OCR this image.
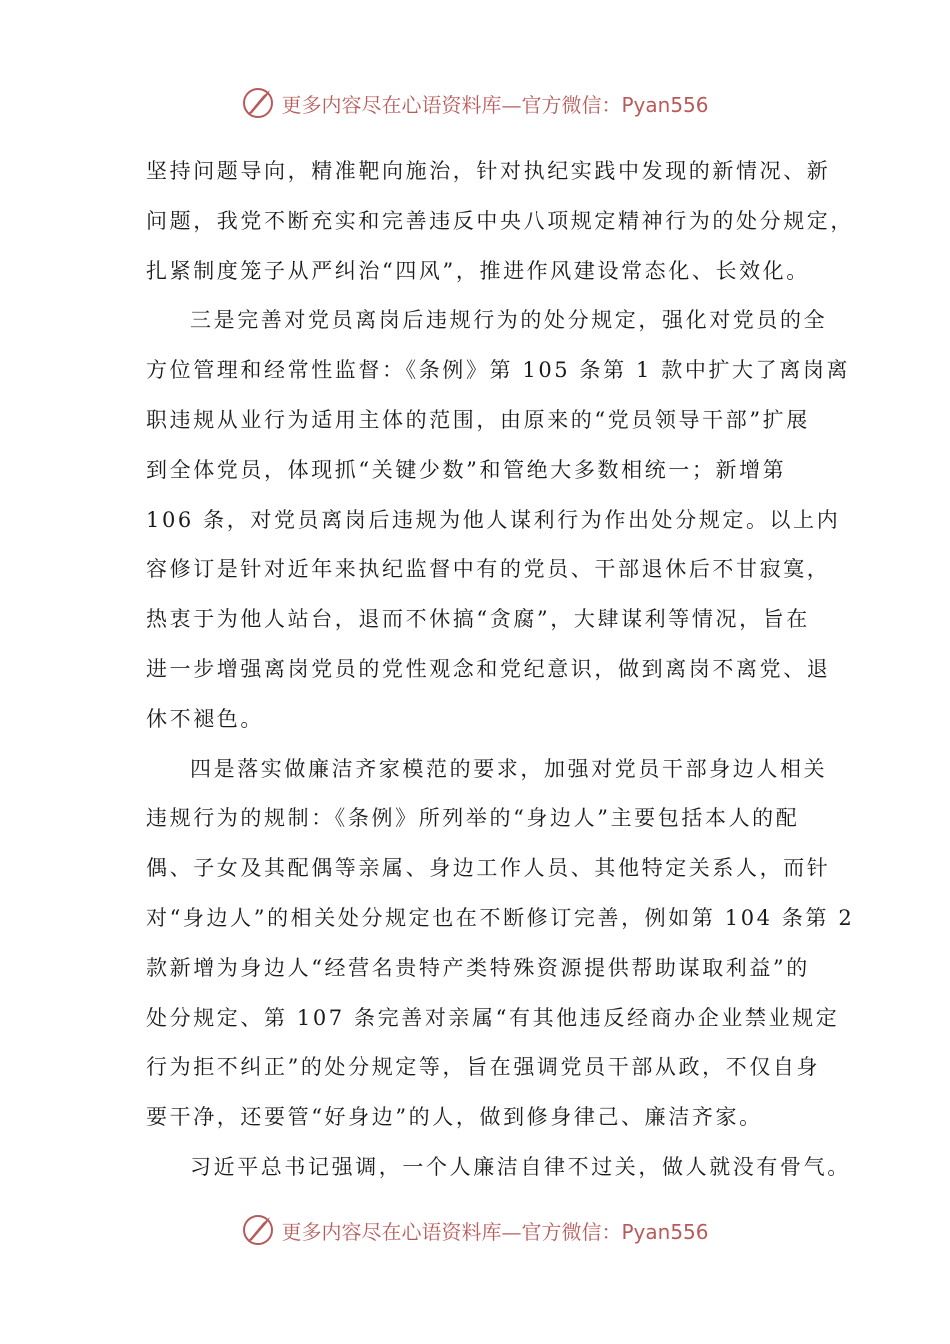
更多内容尽在心语资料库—官方微信：Pyan556
坚持问题导向，精准靶向施治，针对执纪实践中发现的新情况、新
问题，我党不断充实和完善违反中央八项规定精神行为的处分规定，
扎紧制度笼子从严纠治“四风”，推进作风建设常态化、长效化。
三是完善对党员离岗后违规行为的处分规定，强化对党员的全
方位管理和经常性监督：《条例》第 105 条第 1 款中扩大了离岗离
职违规从业行为适用主体的范围，由原来的“党员领导干部”扩展
到全体党员，体现抓“关键少数”和管绝大多数相统一；新增第
106 条，对党员离岗后违规为他人谋利行为作出处分规定。以上内
容修订是针对近年来执纪监督中有的党员、干部退休后不甘寂寞，
热衷于为他人站台，退而不休搞“贪腐”，大肆谋利等情况，旨在
进一步增强离岗党员的党性观念和党纪意识，做到离岗不离党、退
休不褪色。
四是落实做廉洁齐家模范的要求，加强对党员干部身边人相关
违规行为的规制：《条例》所列举的“身边人”主要包括本人的配
偶、子女及其配偶等亲属、身边工作人员、其他特定关系人，而针
对“身边人”的相关处分规定也在不断修订完善，例如第 104 条第 2
款新增为身边人“经营名贵特产类特殊资源提供帮助谋取利益”的
处分规定、第 107 条完善对亲属“有其他违反经商办企业禁业规定
行为拒不纠正”的处分规定等，旨在强调党员干部从政，不仅自身
要干净，还要管“好身边”的人，做到修身律己、廉洁齐家。
习近平总书记强调，一个人廉洁自律不过关，做人就没有骨气。
更多内容尽在心语资料库—官方微信：Pyan556
